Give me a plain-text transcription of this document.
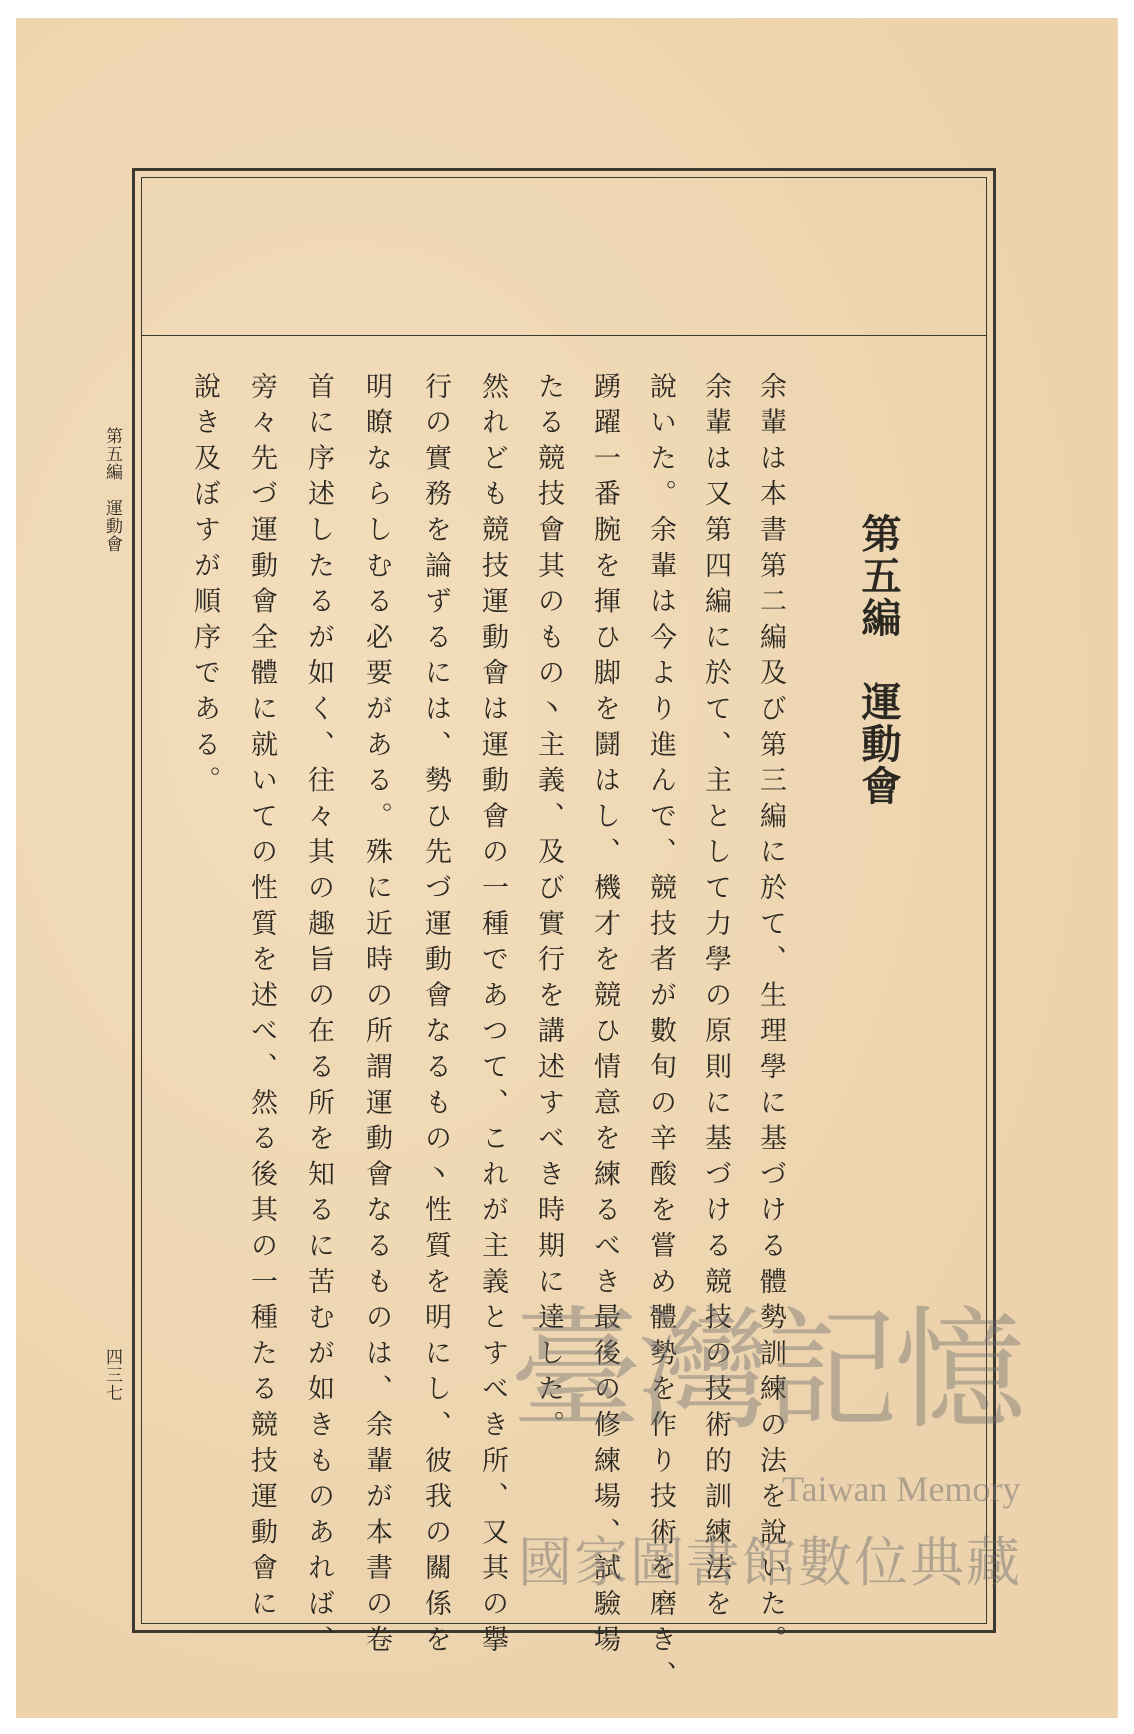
第五編　運動會
余輩は本書第二編及び第三編に於て、生理學に基づける體勢訓練の法を說いた。
余輩は又第四編に於て、主として力學の原則に基づける競技の技術的訓練法を
說いた。余輩は今より進んで、競技者が數旬の辛酸を嘗め體勢を作り技術を磨き、
踴躍一番腕を揮ひ脚を鬪はし、機才を競ひ情意を練るべき最後の修練場、試驗場
たる競技會其のもの丶主義、及び實行を講述すべき時期に達した。
然れども競技運動會は運動會の一種であつて、これが主義とすべき所、又其の擧
行の實務を論ずるには、勢ひ先づ運動會なるもの丶性質を明にし、彼我の關係を
明瞭ならしむる必要がある。殊に近時の所謂運動會なるものは、余輩が本書の卷
首に序述したるが如く、往々其の趣旨の在る所を知るに苦むが如きものあれば、
旁々先づ運動會全體に就いての性質を述べ、然る後其の一種たる競技運動會に
說き及ぼすが順序である。
第五編　運動會
四三七	臺灣記憶
Taiwan Memory
國家圖書館數位典藏
